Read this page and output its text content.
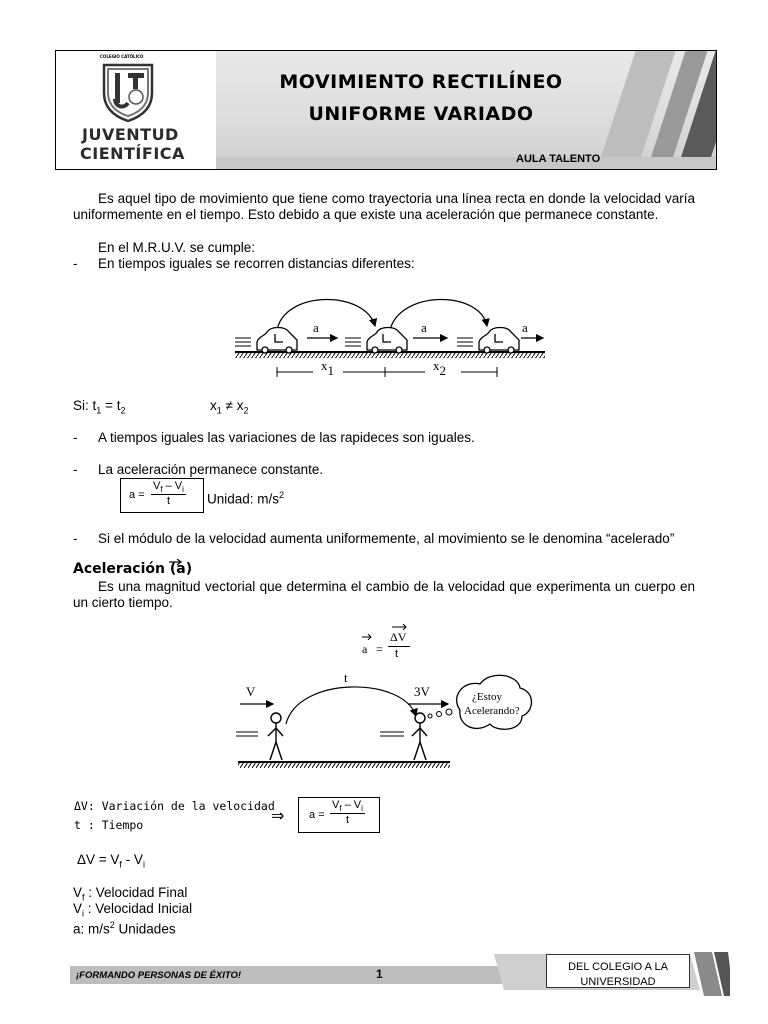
COLEGIO CATÓLICO
JUVENTUD
CIENTÍFICA
MOVIMIENTO RECTILÍNEO
UNIFORME VARIADO
AULA TALENTO
Es aquel tipo de movimiento que tiene como trayectoria una línea recta en donde la velocidad varía uniformemente en el tiempo. Esto debido a que existe una aceleración que permanece constante.
En el M.R.U.V. se cumple:
- En tiempos iguales se recorren distancias diferentes:
a	a	a
x1	x2
Si: $t_1 = t_2$	$x_1 \ne x_2$
- A tiempos iguales las variaciones de las rapideces son iguales.
- La aceleración permanece constante.
$a = \frac{V_f - V_i}{t}$ Unidad: $m/s^2$
- Si el módulo de la velocidad aumenta uniformemente, al movimiento se le denomina “acelerado”
Aceleración (a)
Es una magnitud vectorial que determina el cambio de la velocidad que experimenta un cuerpo en un cierto tiempo.
a =
ΔV
t
t
V	3V	¿Estoy
Acelerando?
ΔV: Variación de la velocidad
t : Tiempo	⇒ $a = \frac{V_f - V_i}{t}$
$\Delta V = V_f - V_i$
$V_f$ : Velocidad Final
$V_i$ : Velocidad Inicial
a: $m/s^2$ Unidades
¡FORMANDO PERSONAS DE ÉXITO!	1	DEL COLEGIO A LA
UNIVERSIDAD
